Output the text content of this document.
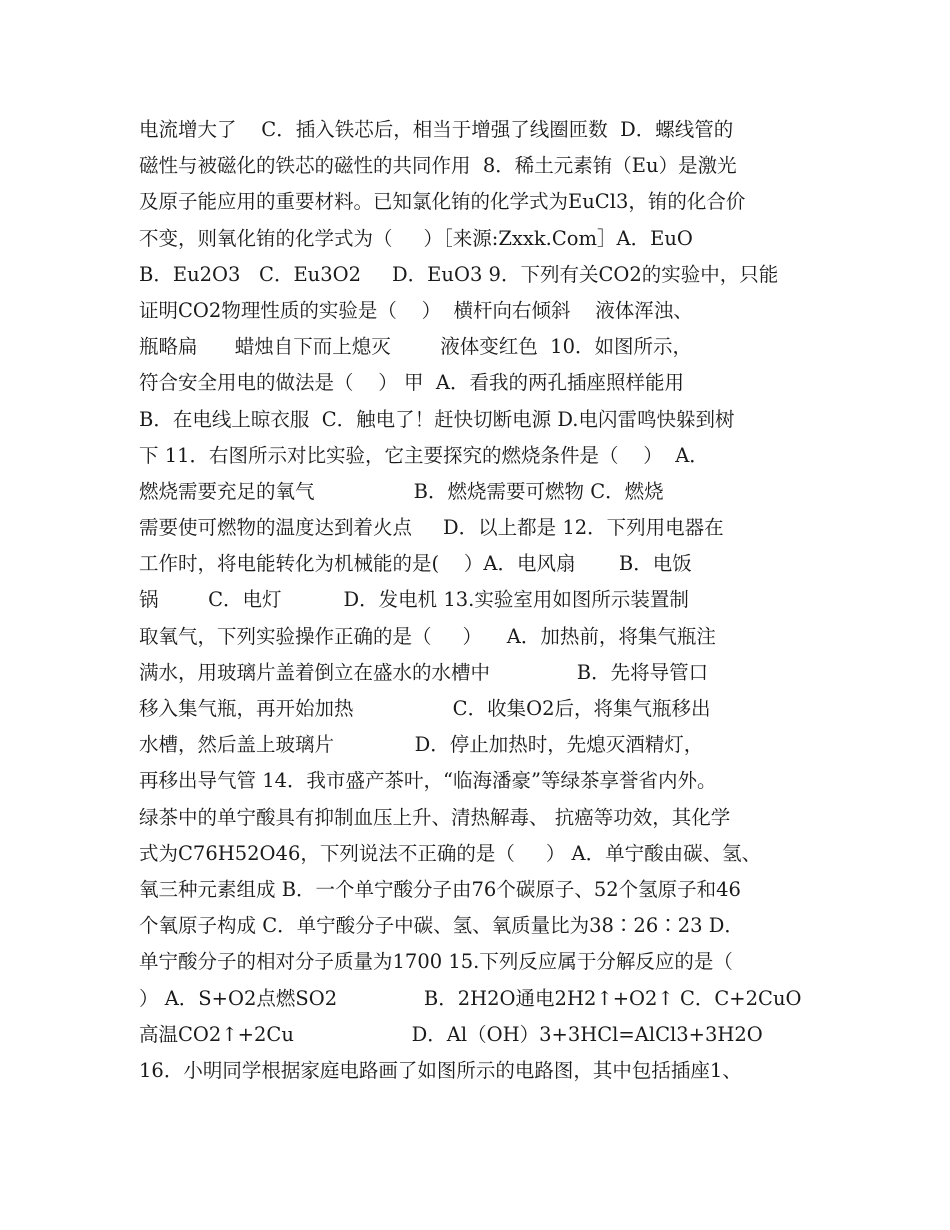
电流增大了    C．插入铁芯后，相当于增强了线圈匝数  D．螺线管的
磁性与被磁化的铁芯的磁性的共同作用  8．稀土元素铕（Eu）是激光
及原子能应用的重要材料。已知氯化铕的化学式为EuCl3，铕的化合价
不变，则氧化铕的化学式为（     ）［来源:Zxxk.Com］A．EuO
B．Eu2O3   C．Eu3O2     D．EuO3 9．下列有关CO2的实验中，只能
证明CO2物理性质的实验是（    ）  横杆向右倾斜    液体浑浊、
瓶略扁      蜡烛自下而上熄灭        液体变红色  10．如图所示，
符合安全用电的做法是（    ） 甲  A．看我的两孔插座照样能用
B．在电线上晾衣服  C．触电了！赶快切断电源 D.电闪雷鸣快躲到树
下 11．右图所示对比实验，它主要探究的燃烧条件是（    ）  A．
燃烧需要充足的氧气                B．燃烧需要可燃物 C．燃烧
需要使可燃物的温度达到着火点     D．以上都是 12．下列用电器在
工作时，将电能转化为机械能的是(    ）A．电风扇       B．电饭
锅        C．电灯          D．发电机 13.实验室用如图所示装置制
取氧气，下列实验操作正确的是（     ）    A．加热前，将集气瓶注
满水，用玻璃片盖着倒立在盛水的水槽中              B．先将导管口
移入集气瓶，再开始加热                C．收集O2后，将集气瓶移出
水槽，然后盖上玻璃片             D．停止加热时，先熄灭酒精灯，
再移出导气管 14．我市盛产茶叶，“临海潘豪”等绿茶享誉省内外。
绿茶中的单宁酸具有抑制血压上升、清热解毒、 抗癌等功效，其化学
式为C76H52O46，下列说法不正确的是（     ） A．单宁酸由碳、氢、
氧三种元素组成 B．一个单宁酸分子由76个碳原子、52个氢原子和46
个氧原子构成 C．单宁酸分子中碳、氢、氧质量比为38∶26∶23 D．
单宁酸分子的相对分子质量为1700 15.下列反应属于分解反应的是（
） A．S+O2点燃SO2              B．2H2O通电2H2↑+O2↑ C．C+2CuO
高温CO2↑+2Cu                   D．Al（OH）3+3HCl=AlCl3+3H2O
16．小明同学根据家庭电路画了如图所示的电路图，其中包括插座1、
